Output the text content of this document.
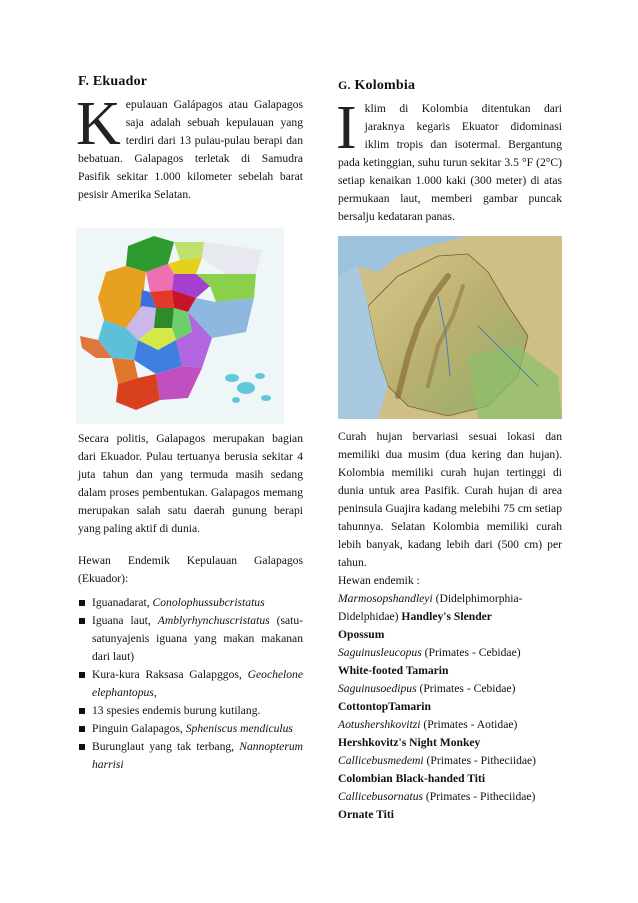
F. Ekuador

Kepulauan Galápagos atau Galapagos saja adalah sebuah kepulauan yang terdiri dari 13 pulau-pulau berapi dan bebatuan. Galapagos terletak di Samudra Pasifik sekitar 1.000 kilometer sebelah barat pesisir Amerika Selatan.

Secara politis, Galapagos merupakan bagian dari Ekuador. Pulau tertuanya berusia sekitar 4 juta tahun dan yang termuda masih sedang dalam proses pembentukan. Galapagos memang merupakan salah satu daerah gunung berapi yang paling aktif di dunia.

Hewan Endemik Kepulauan Galapagos (Ekuador):

Iguanadarat, Conolophussubcristatus
Iguana laut, Amblyrhynchuscristatus (satu-satunyajenis iguana yang makan makanan dari laut)
Kura-kura Raksasa Galapggos, Geochelone elephantopus,
13 spesies endemis burung kutilang.
Pinguin Galapagos, Spheniscus mendiculus
Burunglaut yang tak terbang, Nannopterum harrisi
G. Kolombia

Iklim di Kolombia ditentukan dari jaraknya kegaris Ekuator didominasi iklim tropis dan isotermal. Bergantung pada ketinggian, suhu turun sekitar 3.5 °F (2°C) setiap kenaikan 1.000 kaki (300 meter) di atas permukaan laut, memberi gambar puncak bersalju kedataran panas.

Curah hujan bervariasi sesuai lokasi dan memiliki dua musim (dua kering dan hujan). Kolombia memiliki curah hujan tertinggi di dunia untuk area Pasifik. Curah hujan di area peninsula Guajira kadang melebihi 75 cm setiap tahunnya. Selatan Kolombia memiliki curah lebih banyak, kadang lebih dari (500 cm) per tahun.

Hewan endemik :

Marmosopshandleyi (Didelphimorphia-
Didelphidae) Handley's Slender
Opossum
Saguinusleucopus (Primates - Cebidae)
White-footed Tamarin
Saguinusoedipus (Primates - Cebidae)
CottontopTamarin
Aotushershkovitzi (Primates - Aotidae)
Hershkovitz's Night Monkey
Callicebusmedemi (Primates - Pitheciidae)
Colombian Black-handed Titi
Callicebusornatus (Primates - Pitheciidae)
Ornate Titi
